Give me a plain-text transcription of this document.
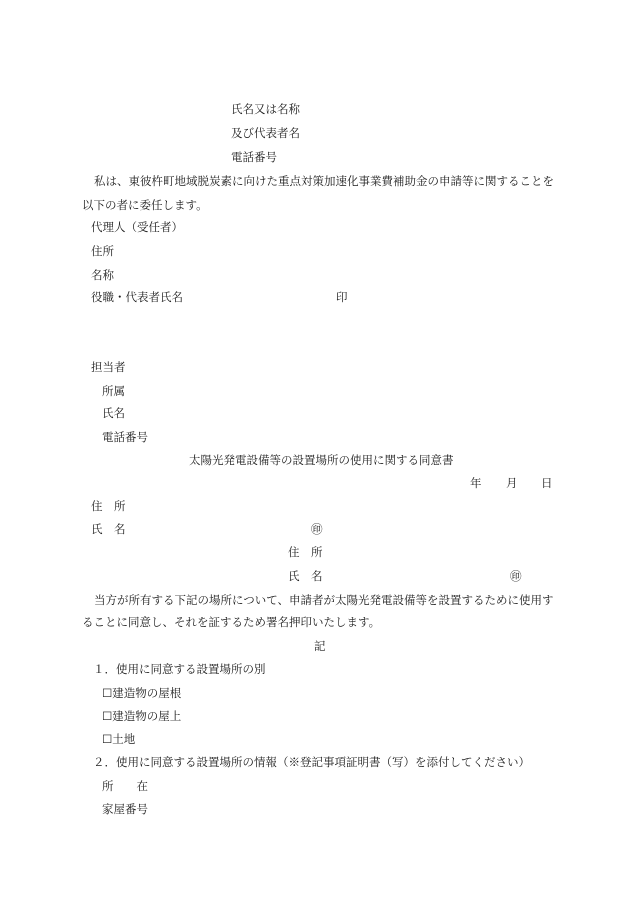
氏名又は名称
及び代表者名
電話番号
私は、東彼杵町地域脱炭素に向けた重点対策加速化事業費補助金の申請等に関することを
以下の者に委任します。
代理人（受任者）
住所
名称
役職・代表者氏名	印
担当者
所属
氏名
電話番号
太陽光発電設備等の設置場所の使用に関する同意書
年 月 日
住　所
氏　名	㊞
住　所
氏　名	㊞
当方が所有する下記の場所について、申請者が太陽光発電設備等を設置するために使用す
ることに同意し、それを証するため署名押印いたします。
記
１．使用に同意する設置場所の別
☐建造物の屋根
☐建造物の屋上
☐土地
２．使用に同意する設置場所の情報（※登記事項証明書（写）を添付してください）
所　　在
家屋番号
